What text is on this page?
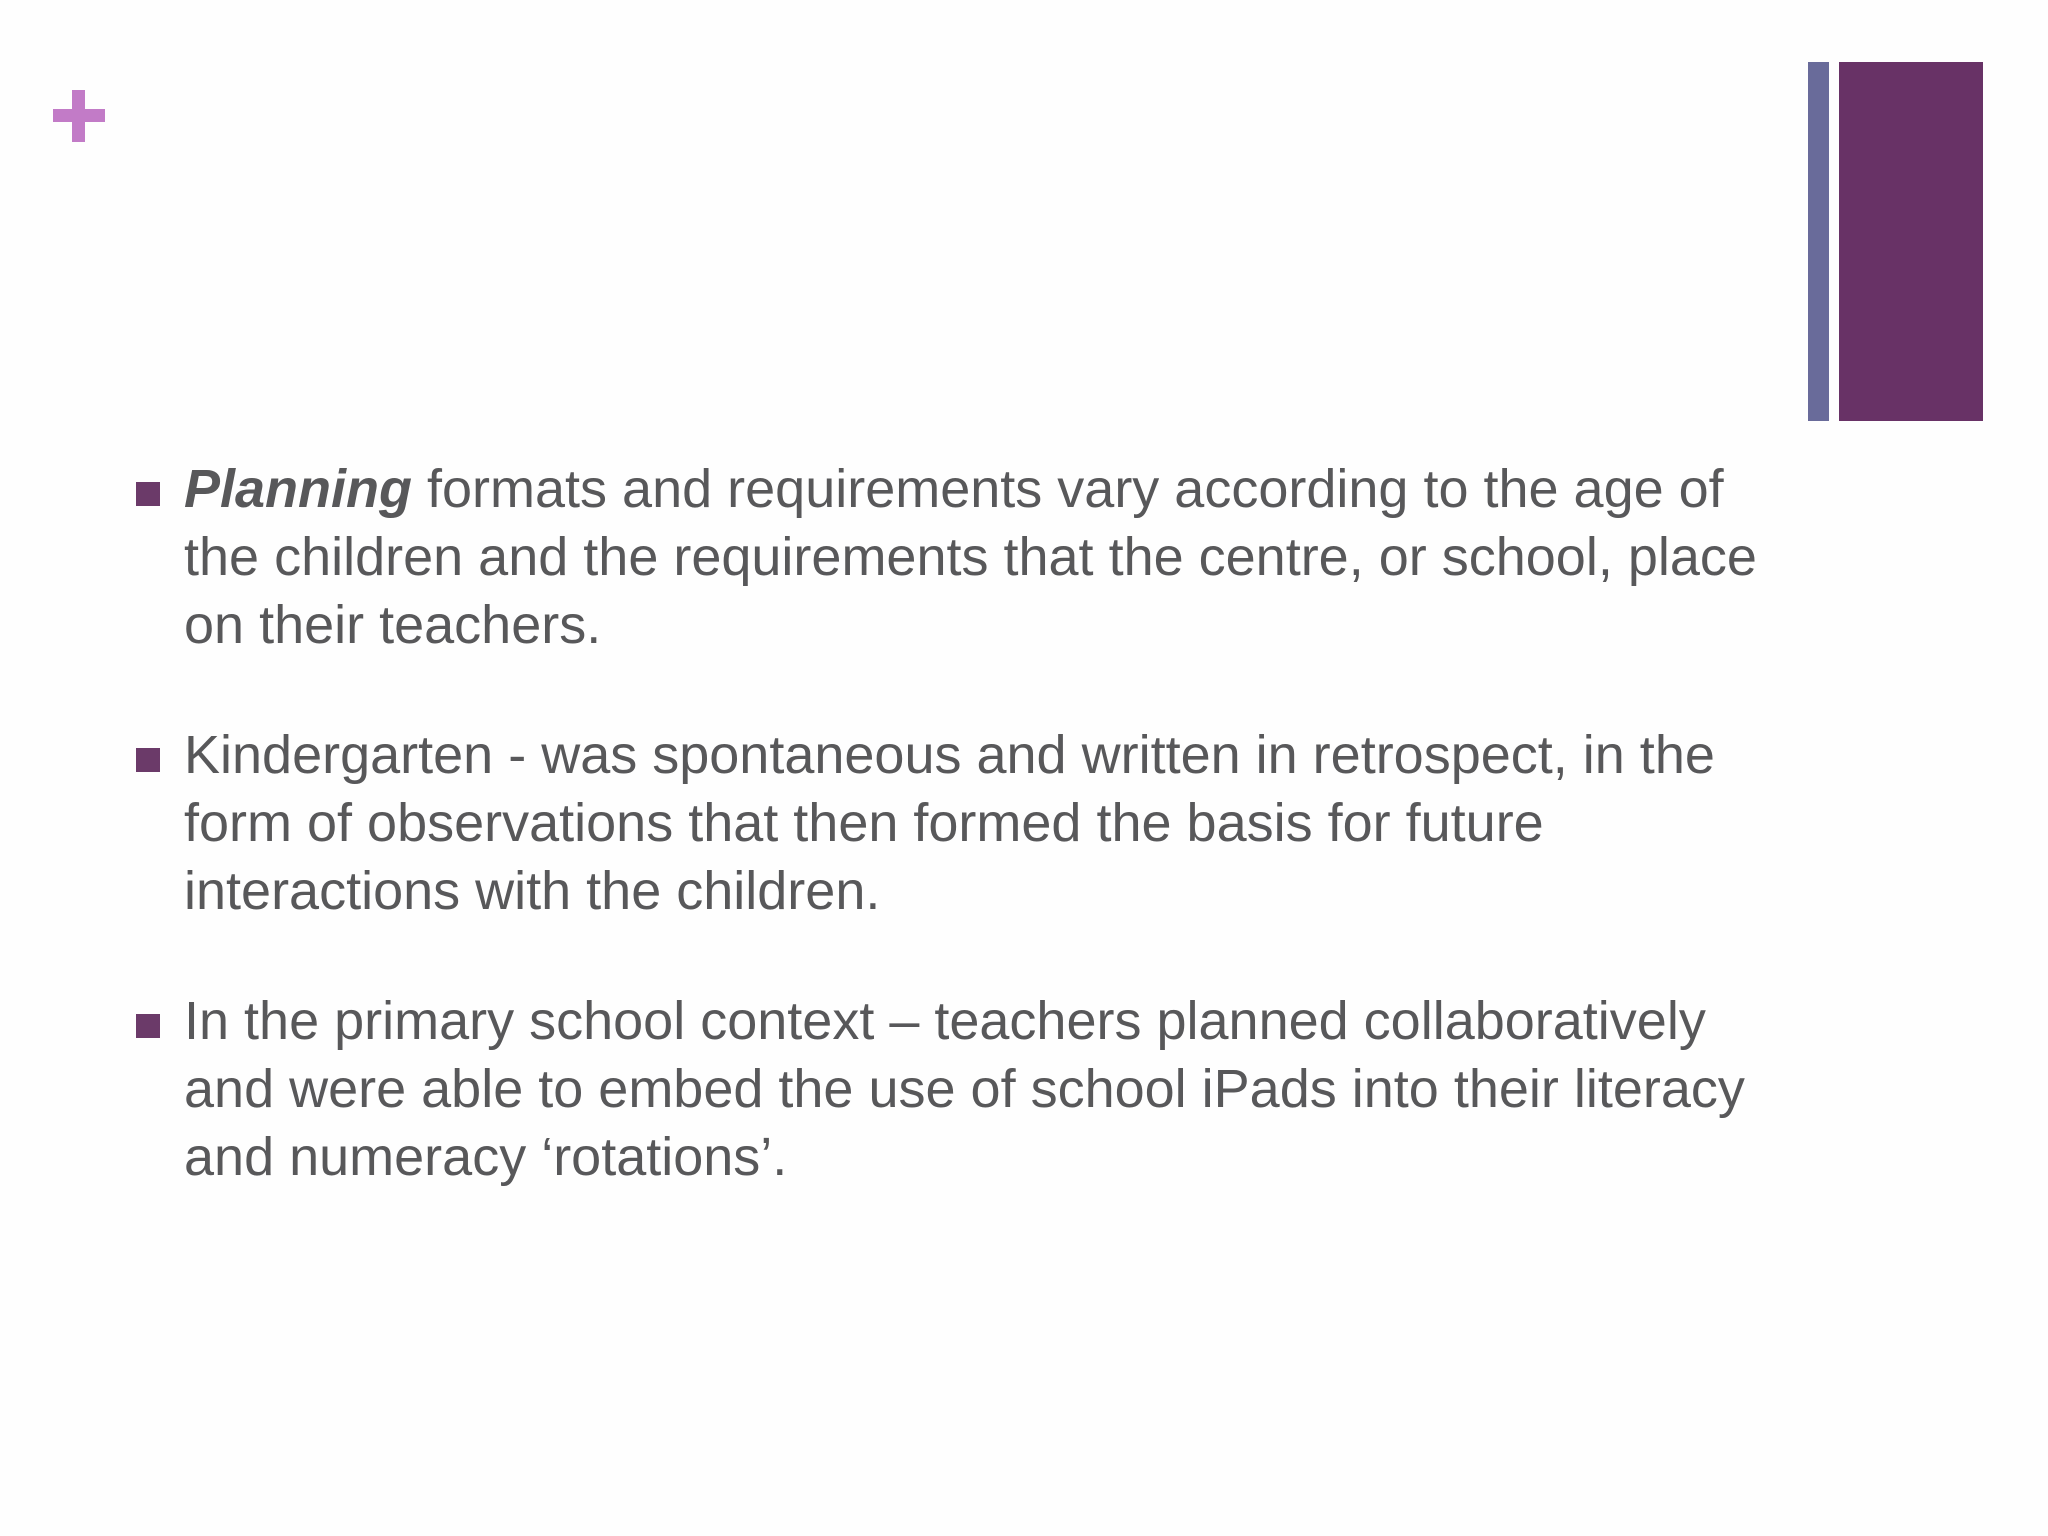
Planning formats and requirements vary according to the age of the children and the requirements that the centre, or school, place on their teachers.
Kindergarten - was spontaneous and written in retrospect, in the form of observations that then formed the basis for future interactions with the children.
In the primary school context – teachers planned collaboratively and were able to embed the use of school iPads into their literacy and numeracy ‘rotations’.
